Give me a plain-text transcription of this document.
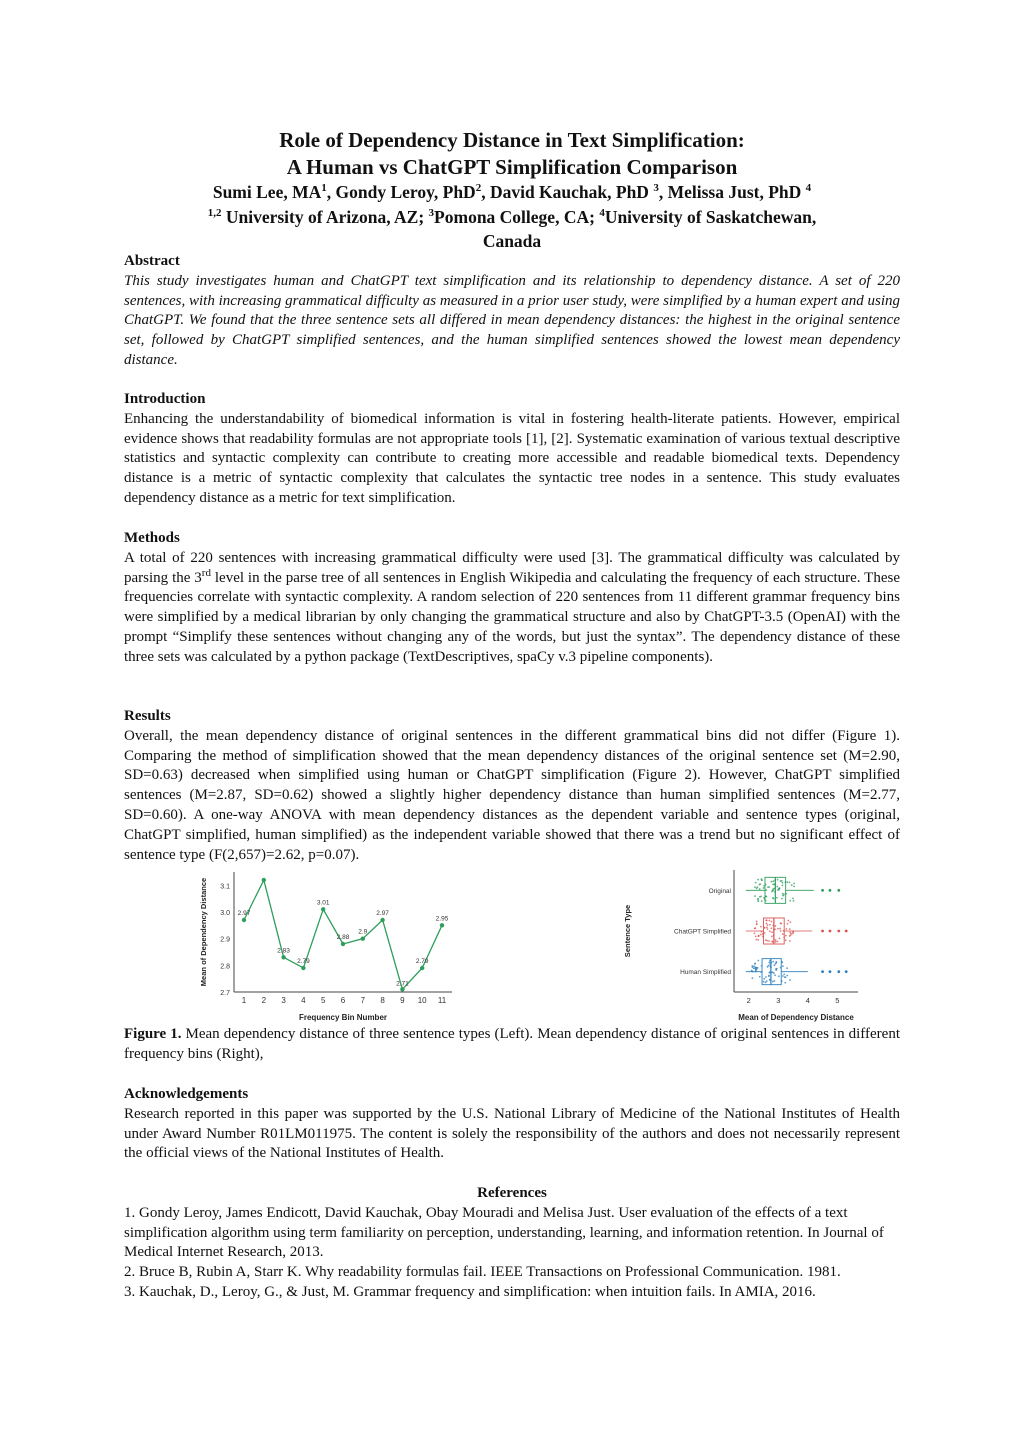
Role of Dependency Distance in Text Simplification:
A Human vs ChatGPT Simplification Comparison
Sumi Lee, $MA^1$, Gondy Leroy, PhD$^2$, David Kauchak, PhD $^3$, Melissa Just, PhD $^4$
$^{1,2}$ University of Arizona, AZ; $^3$Pomona College, CA; $^4$University of Saskatchewan,
Canada
Abstract

This study investigates human and ChatGPT text simplification and its relationship to dependency distance. A set of 220 sentences, with increasing grammatical difficulty as measured in a prior user study, were simplified by a human expert and using ChatGPT. We found that the three sentence sets all differed in mean dependency distances: the highest in the original sentence set, followed by ChatGPT simplified sentences, and the human simplified sentences showed the lowest mean dependency distance.

Introduction

Enhancing the understandability of biomedical information is vital in fostering health-literate patients. However, empirical evidence shows that readability formulas are not appropriate tools [1], [2]. Systematic examination of various textual descriptive statistics and syntactic complexity can contribute to creating more accessible and readable biomedical texts. Dependency distance is a metric of syntactic complexity that calculates the syntactic tree nodes in a sentence. This study evaluates dependency distance as a metric for text simplification.

Methods

A total of 220 sentences with increasing grammatical difficulty were used [3]. The grammatical difficulty was calculated by parsing the 3rd level in the parse tree of all sentences in English Wikipedia and calculating the frequency of each structure. These frequencies correlate with syntactic complexity. A random selection of 220 sentences from 11 different grammar frequency bins were simplified by a medical librarian by only changing the grammatical structure and also by ChatGPT-3.5 (OpenAI) with the prompt “Simplify these sentences without changing any of the words, but just the syntax”. The dependency distance of these three sets was calculated by a python package (TextDescriptives, spaCy v.3 pipeline components).

Results

Overall, the mean dependency distance of original sentences in the different grammatical bins did not differ (Figure 1). Comparing the method of simplification showed that the mean dependency distances of the original sentence set (M=2.90, SD=0.63) decreased when simplified using human or ChatGPT simplification (Figure 2). However, ChatGPT simplified sentences (M=2.87, SD=0.62) showed a slightly higher dependency distance than human simplified sentences (M=2.77, SD=0.60). A one-way ANOVA with mean dependency distances as the dependent variable and sentence types (original, ChatGPT simplified, human simplified) as the independent variable showed that there was a trend but no significant effect of sentence type (F(2,657)=2.62, p=0.07).

2.7
2.8
2.9
3.0
3.1
1 2 3 4 5 6 7 8 9 10 11
2.97
2.83
2.79
3.01
2.88
2.9
2.97
2.71
2.79
2.95
Frequency Bin Number
Mean of Dependency Distance
2	3	4	5
Original
ChatGPT Simplified
Human Simplified
Mean of Dependency Distance
Sentence Type
Figure 1. Mean dependency distance of three sentence types (Left). Mean dependency distance of original sentences in different frequency bins (Right),
Acknowledgements

Research reported in this paper was supported by the U.S. National Library of Medicine of the National Institutes of Health under Award Number R01LM011975. The content is solely the responsibility of the authors and does not necessarily represent the official views of the National Institutes of Health.

References

1. Gondy Leroy, James Endicott, David Kauchak, Obay Mouradi and Melisa Just. User evaluation of the effects of a text simplification algorithm using term familiarity on perception, understanding, learning, and information retention. In Journal of Medical Internet Research, 2013.

2. Bruce B, Rubin A, Starr K. Why readability formulas fail. IEEE Transactions on Professional Communication. 1981.

3. Kauchak, D., Leroy, G., & Just, M. Grammar frequency and simplification: when intuition fails. In AMIA, 2016.
